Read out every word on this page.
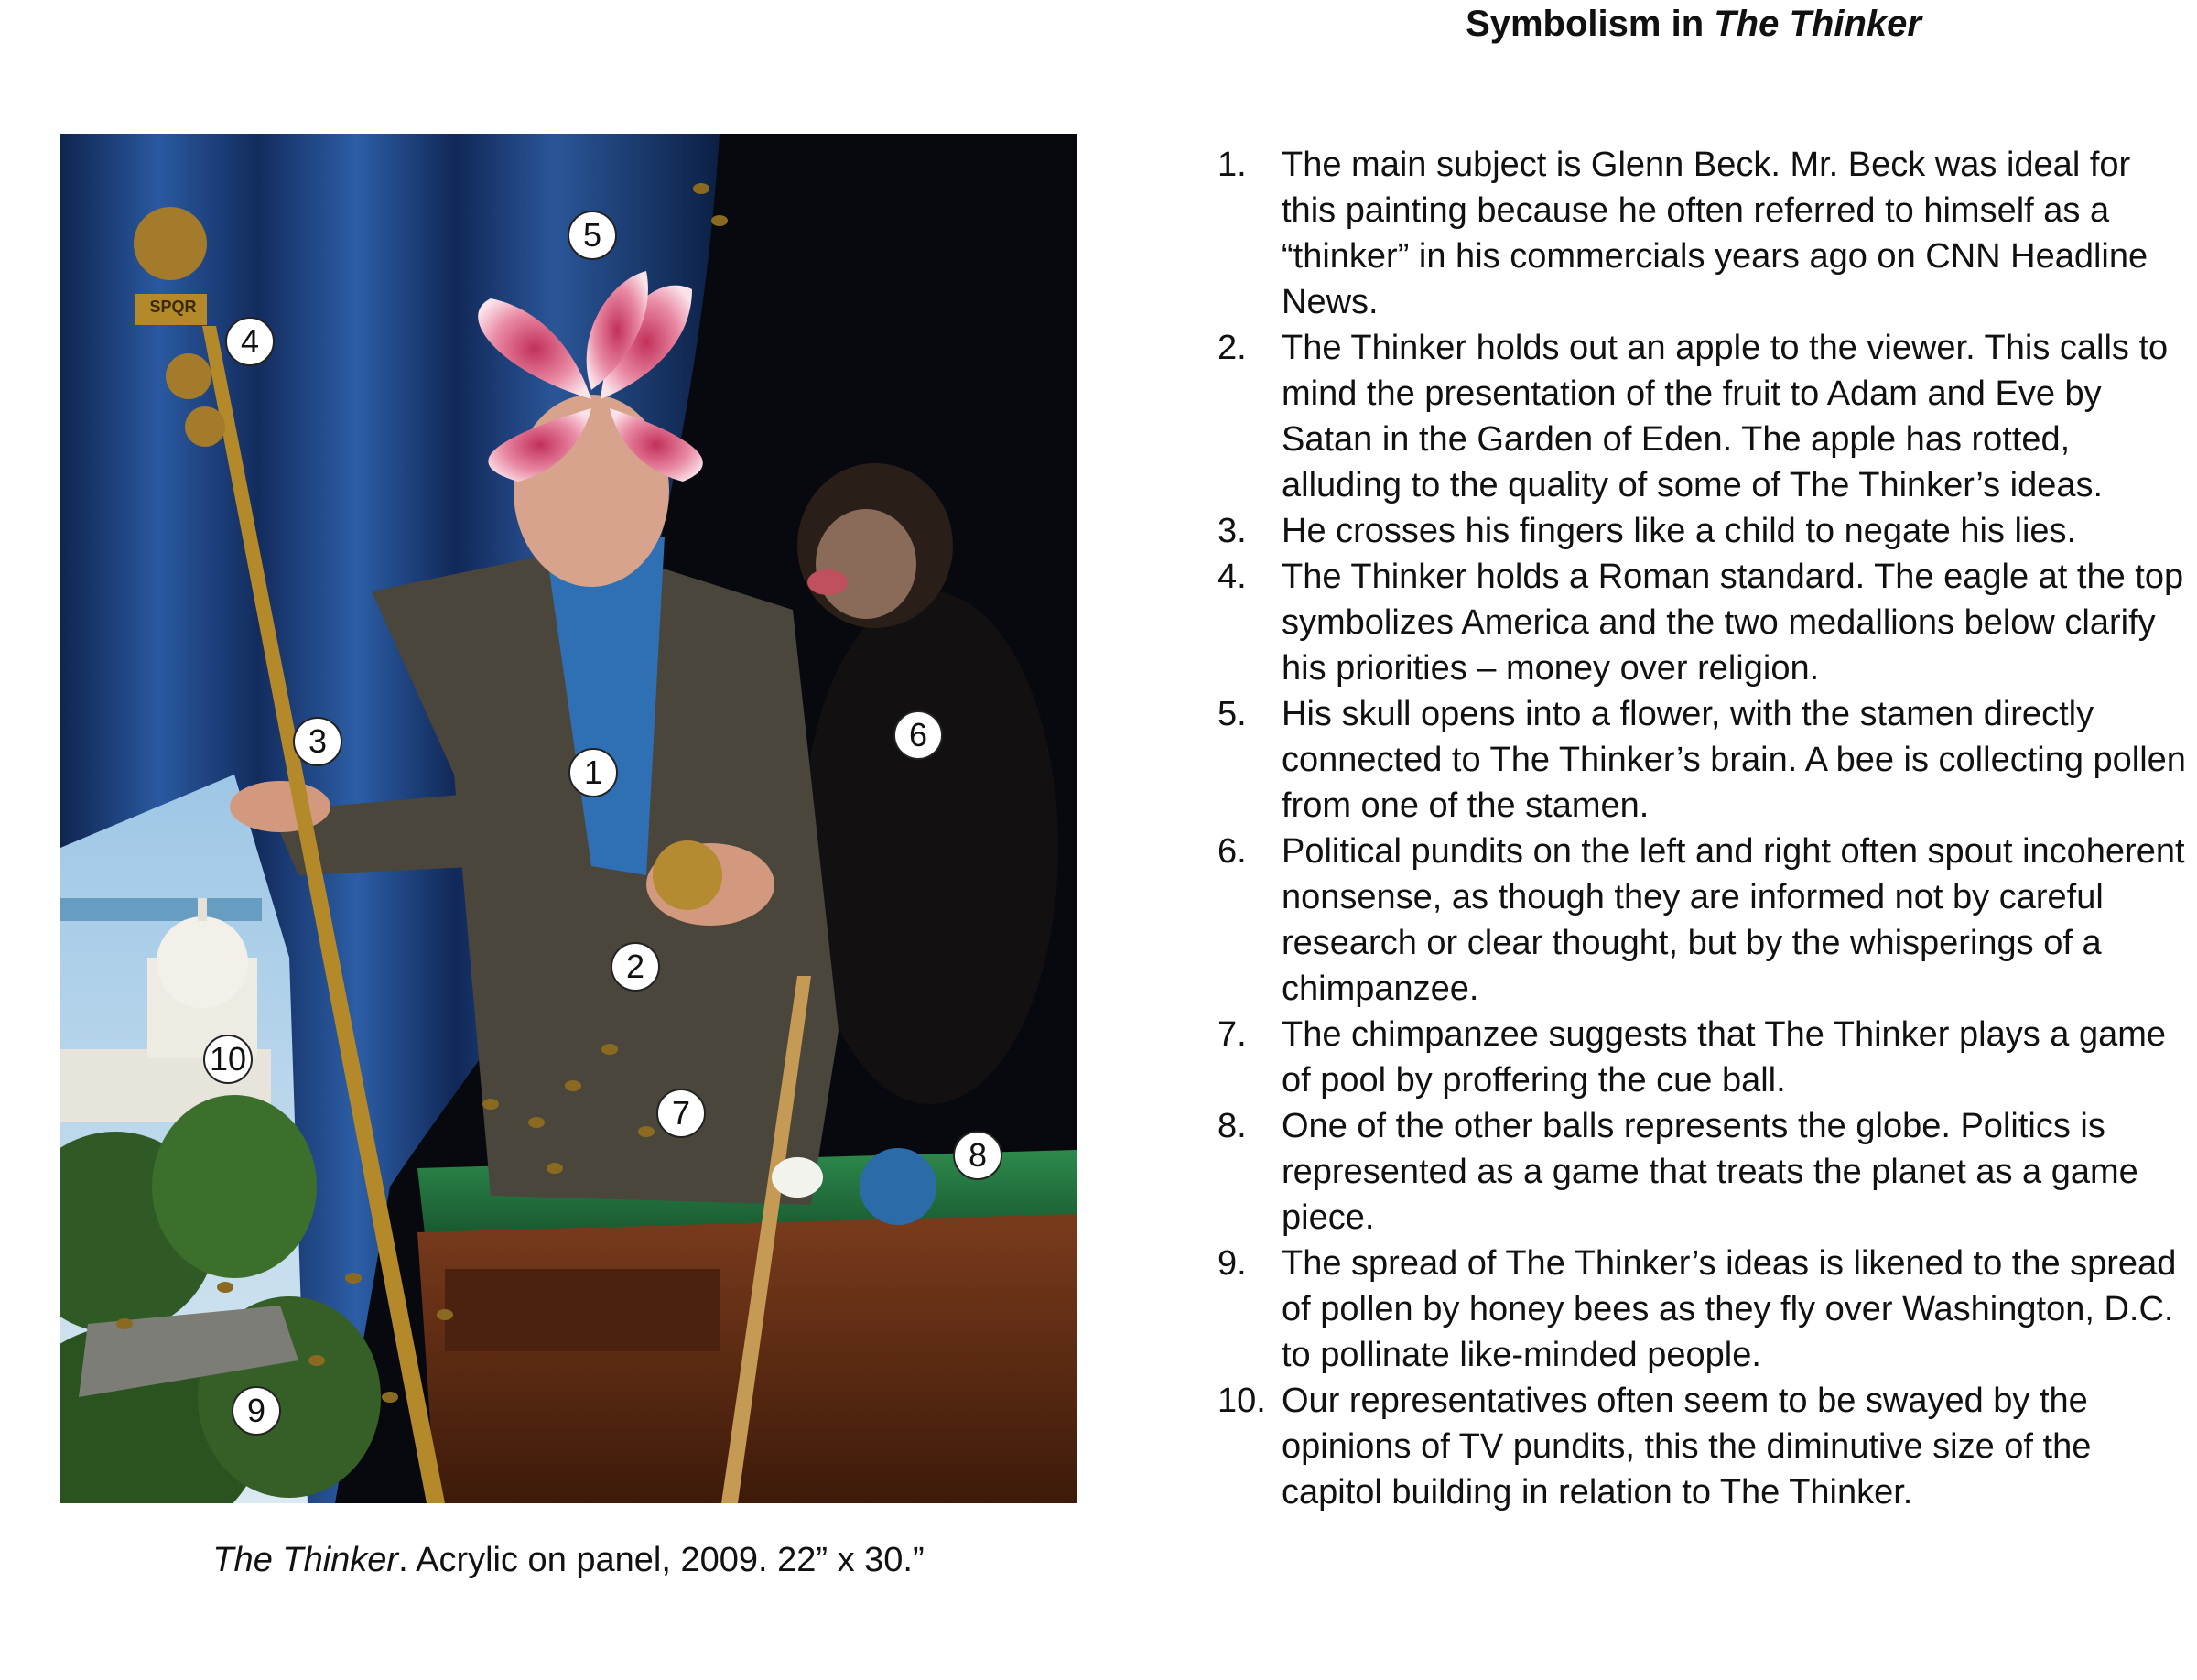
Symbolism in The Thinker
SPQR
1
2
3
4
5
6
7
8
9
10
The Thinker. Acrylic on panel, 2009. 22” x 30.”
1. The main subject is Glenn Beck. Mr. Beck was ideal for this painting because he often referred to himself as a “thinker” in his commercials years ago on CNN Headline News.
2. The Thinker holds out an apple to the viewer. This calls to mind the presentation of the fruit to Adam and Eve by Satan in the Garden of Eden. The apple has rotted, alluding to the quality of some of The Thinker’s ideas.
3. He crosses his fingers like a child to negate his lies.
4. The Thinker holds a Roman standard. The eagle at the top symbolizes America and the two medallions below clarify his priorities – money over religion.
5. His skull opens into a flower, with the stamen directly connected to The Thinker’s brain. A bee is collecting pollen from one of the stamen.
6. Political pundits on the left and right often spout incoherent nonsense, as though they are informed not by careful research or clear thought, but by the whisperings of a chimpanzee.
7. The chimpanzee suggests that The Thinker plays a game of pool by proffering the cue ball.
8. One of the other balls represents the globe. Politics is represented as a game that treats the planet as a game piece.
9. The spread of The Thinker’s ideas is likened to the spread of pollen by honey bees as they fly over Washington, D.C. to pollinate like-minded people.
10. Our representatives often seem to be swayed by the opinions of TV pundits, this the diminutive size of the capitol building in relation to The Thinker.
